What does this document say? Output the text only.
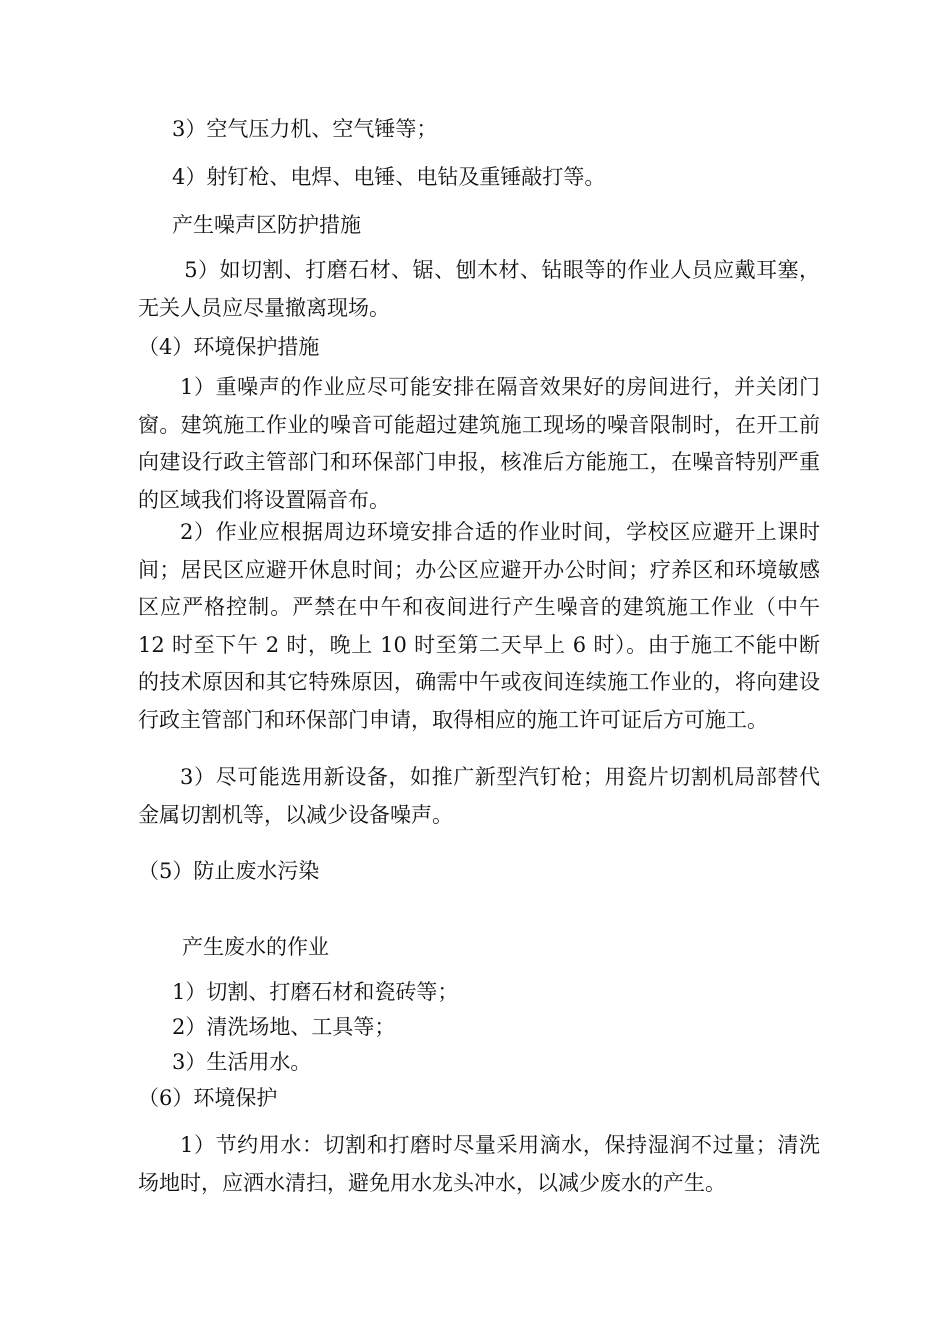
3）空气压力机、空气锤等；
4）射钉枪、电焊、电锤、电钻及重锤敲打等。
产生噪声区防护措施
5）如切割、打磨石材、锯、刨木材、钻眼等的作业人员应戴耳塞，无关人员应尽量撤离现场。
（4）环境保护措施
1）重噪声的作业应尽可能安排在隔音效果好的房间进行，并关闭门窗。建筑施工作业的噪音可能超过建筑施工现场的噪音限制时，在开工前向建设行政主管部门和环保部门申报，核准后方能施工，在噪音特别严重的区域我们将设置隔音布。
2）作业应根据周边环境安排合适的作业时间，学校区应避开上课时间；居民区应避开休息时间；办公区应避开办公时间；疗养区和环境敏感区应严格控制。严禁在中午和夜间进行产生噪音的建筑施工作业（中午 12 时至下午 2 时，晚上 10 时至第二天早上 6 时）。由于施工不能中断的技术原因和其它特殊原因，确需中午或夜间连续施工作业的，将向建设行政主管部门和环保部门申请，取得相应的施工许可证后方可施工。
3）尽可能选用新设备，如推广新型汽钉枪；用瓷片切割机局部替代金属切割机等，以减少设备噪声。
（5）防止废水污染
产生废水的作业
1）切割、打磨石材和瓷砖等；
2）清洗场地、工具等；
3）生活用水。
（6）环境保护
1）节约用水：切割和打磨时尽量采用滴水，保持湿润不过量；清洗场地时，应洒水清扫，避免用水龙头冲水，以减少废水的产生。
